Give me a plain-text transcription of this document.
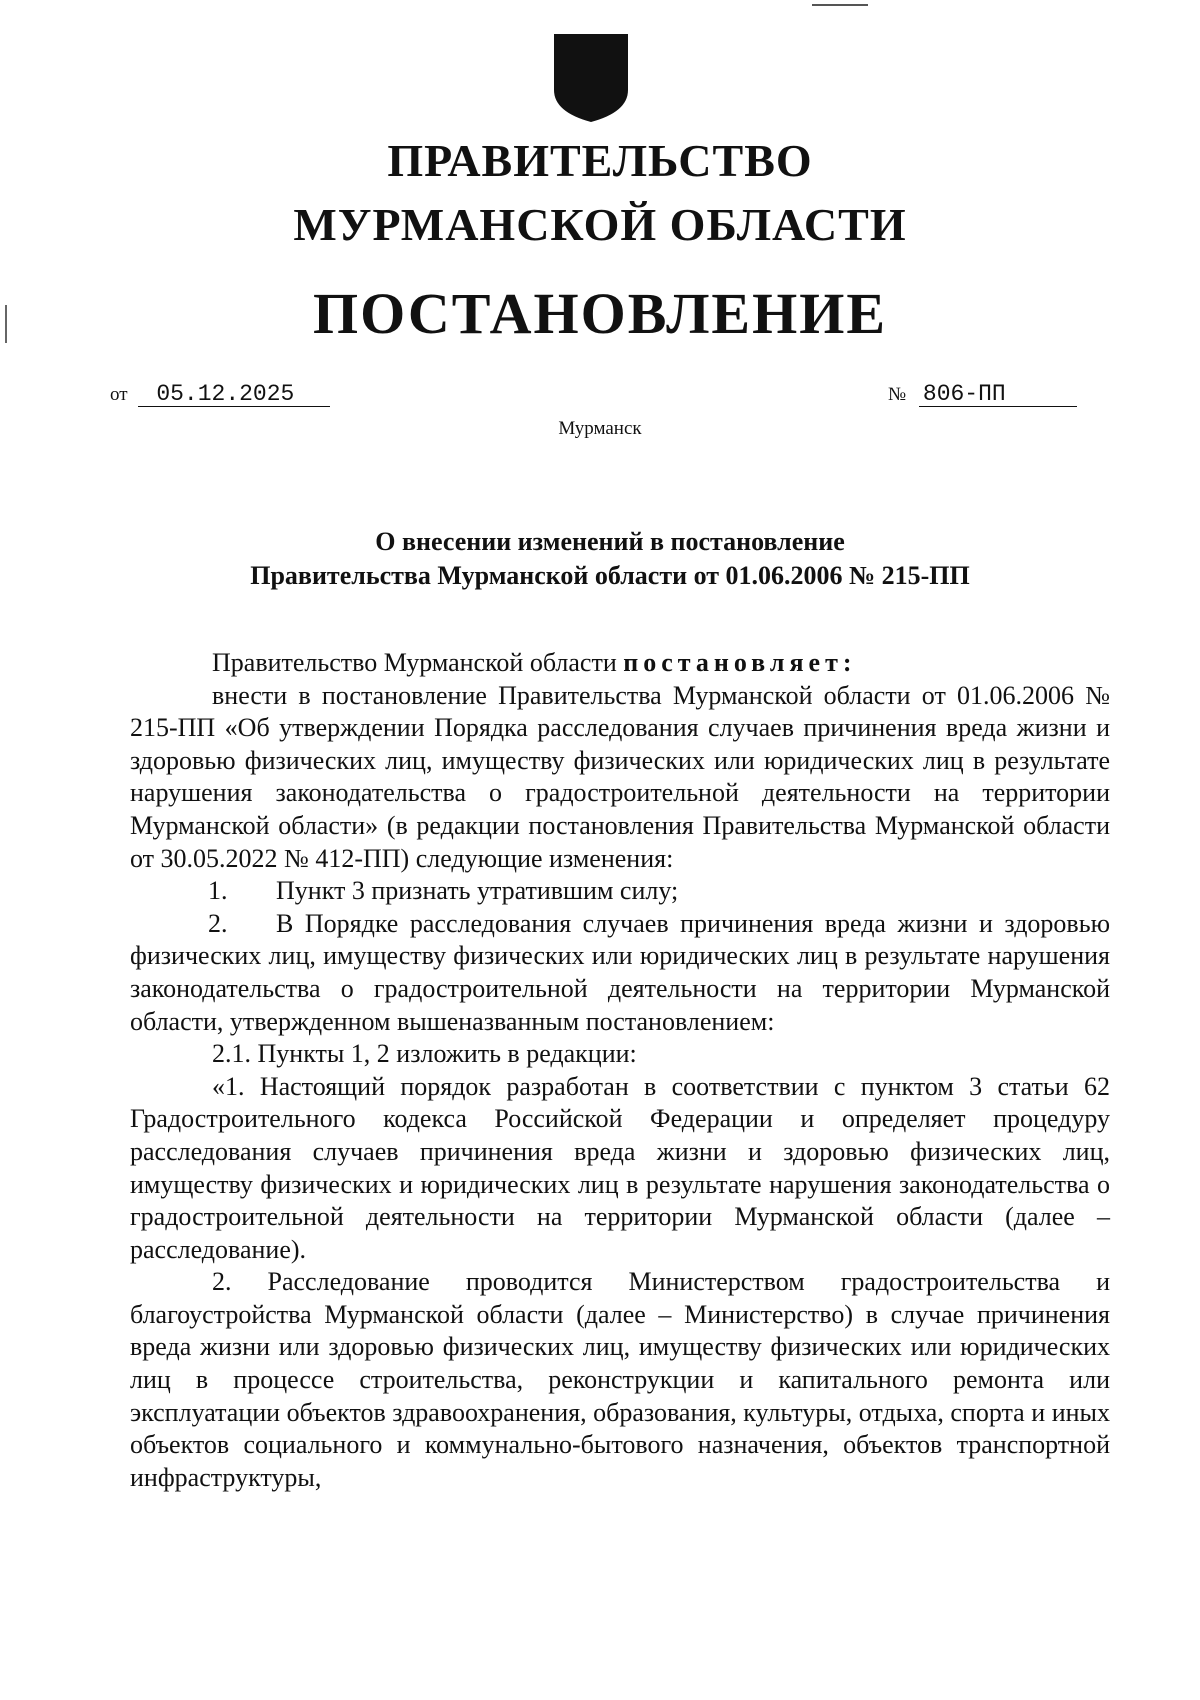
ПРАВИТЕЛЬСТВО
МУРМАНСКОЙ ОБЛАСТИ
ПОСТАНОВЛЕНИЕ
от 05.12.2025	№ 806-ПП
Мурманск
О внесении изменений в постановление
Правительства Мурманской области от 01.06.2006 № 215-ПП

Правительство Мурманской области постановляет:

внести в постановление Правительства Мурманской области от 01.06.2006 № 215-ПП «Об утверждении Порядка расследования случаев причинения вреда жизни и здоровью физических лиц, имуществу физических или юридических лиц в результате нарушения законодательства о градостроительной деятельности на территории Мурманской области» (в редакции постановления Правительства Мурманской области от 30.05.2022 № 412-ПП) следующие изменения:

1. Пункт 3 признать утратившим силу;

2. В Порядке расследования случаев причинения вреда жизни и здоровью физических лиц, имуществу физических или юридических лиц в результате нарушения законодательства о градостроительной деятельности на территории Мурманской области, утвержденном вышеназванным постановлением:

2.1. Пункты 1, 2 изложить в редакции:

«1. Настоящий порядок разработан в соответствии с пунктом 3 статьи 62 Градостроительного кодекса Российской Федерации и определяет процедуру расследования случаев причинения вреда жизни и здоровью физических лиц, имуществу физических и юридических лиц в результате нарушения законодательства о градостроительной деятельности на территории Мурманской области (далее – расследование).

2. Расследование проводится Министерством градостроительства и благоустройства Мурманской области (далее – Министерство) в случае причинения вреда жизни или здоровью физических лиц, имуществу физических или юридических лиц в процессе строительства, реконструкции и капитального ремонта или эксплуатации объектов здравоохранения, образования, культуры, отдыха, спорта и иных объектов социального и коммунально-бытового назначения, объектов транспортной инфраструктуры,
